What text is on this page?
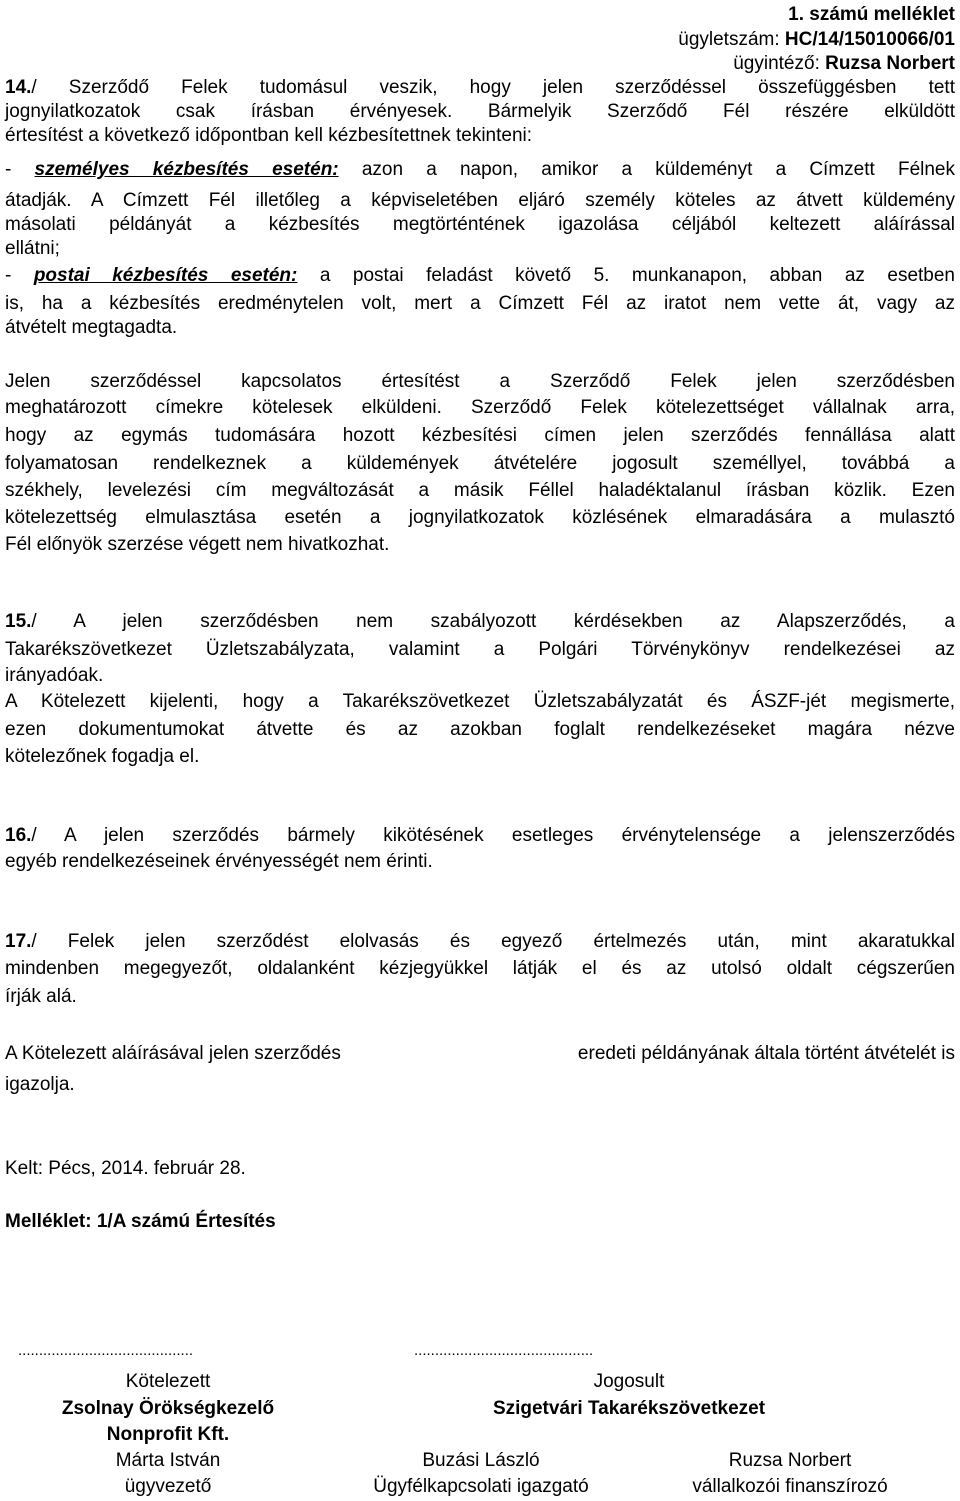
1. számú melléklet
ügyletszám: HC/14/15010066/01
ügyintéző: Ruzsa Norbert
14./ Szerződő Felek tudomásul veszik, hogy jelen szerződéssel összefüggésben tett
jognyilatkozatok csak írásban érvényesek. Bármelyik Szerződő Fél részére elküldött
értesítést a következő időpontban kell kézbesítettnek tekinteni:
- személyes kézbesítés esetén: azon a napon, amikor a küldeményt a Címzett Félnek
átadják. A Címzett Fél illetőleg a képviseletében eljáró személy köteles az átvett küldemény
másolati példányát a kézbesítés megtörténtének igazolása céljából keltezett aláírással
ellátni;
- postai kézbesítés esetén: a postai feladást követő 5. munkanapon, abban az esetben
is, ha a kézbesítés eredménytelen volt, mert a Címzett Fél az iratot nem vette át, vagy az
átvételt megtagadta.
Jelen szerződéssel kapcsolatos értesítést a Szerződő Felek jelen szerződésben
meghatározott címekre kötelesek elküldeni. Szerződő Felek kötelezettséget vállalnak arra,
hogy az egymás tudomására hozott kézbesítési címen jelen szerződés fennállása alatt
folyamatosan rendelkeznek a küldemények átvételére jogosult személlyel, továbbá a
székhely, levelezési cím megváltozását a másik Féllel haladéktalanul írásban közlik. Ezen
kötelezettség elmulasztása esetén a jognyilatkozatok közlésének elmaradására a mulasztó
Fél előnyök szerzése végett nem hivatkozhat.
15./ A jelen szerződésben nem szabályozott kérdésekben az Alapszerződés, a
Takarékszövetkezet Üzletszabályzata, valamint a Polgári Törvénykönyv rendelkezései az
irányadóak.
A Kötelezett kijelenti, hogy a Takarékszövetkezet Üzletszabályzatát és ÁSZF-jét megismerte,
ezen dokumentumokat átvette és az azokban foglalt rendelkezéseket magára nézve
kötelezőnek fogadja el.
16./ A jelen szerződés bármely kikötésének esetleges érvénytelensége a jelenszerződés
egyéb rendelkezéseinek érvényességét nem érinti.
17./ Felek jelen szerződést elolvasás és egyező értelmezés után, mint akaratukkal
mindenben megegyezőt, oldalanként kézjegyükkel látják el és az utolsó oldalt cégszerűen
írják alá.
A Kötelezett aláírásával jelen szerződés	eredeti példányának általa történt átvételét is
igazolja.
Kelt: Pécs, 2014. február 28.
Melléklet: 1/A számú Értesítés
..........................................	...........................................
Kötelezett	Jogosult
Zsolnay Örökségkezelő	Szigetvári Takarékszövetkezet
Nonprofit Kft.
Márta István	Buzási László	Ruzsa Norbert
ügyvezető	Ügyfélkapcsolati igazgató	vállalkozói finanszírozó
